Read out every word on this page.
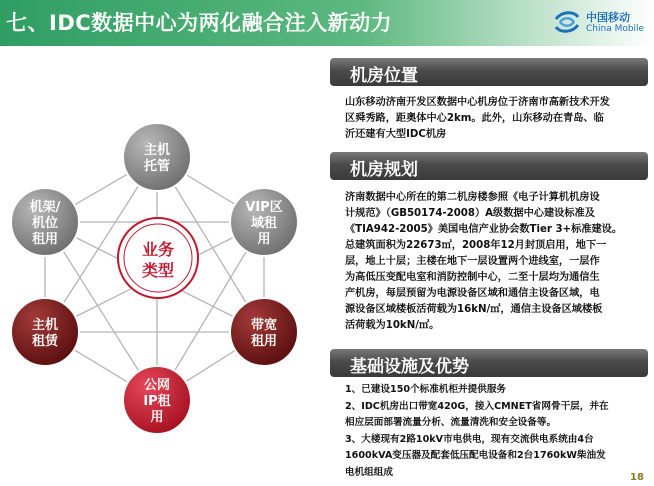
七、IDC数据中心为两化融合注入新动力	中国移动
China Mobile
主机
托管
VIP区
域租
用
带宽
租用
公网
IP租
用
主机
租赁
机架/
机位
租用
业务
类型
机房位置
山东移动济南开发区数据中心机房位于济南市高新技术开发
区舜秀路，距奥体中心2km。此外，山东移动在青岛、临
沂还建有大型IDC机房
机房规划
济南数据中心所在的第二机房楼参照《电子计算机机房设
计规范》（GB50174-2008）A级数据中心建设标准及
《TIA942-2005》美国电信产业协会数Tier 3+标准建设。
总建筑面积为22673㎡，2008年12月封顶启用，地下一
层，地上十层；主楼在地下一层设置两个进线室，一层作
为高低压变配电室和消防控制中心，二至十层均为通信生
产机房，每层预留为电源设备区域和通信主设备区域，电
源设备区域楼板活荷载为16kN/㎡，通信主设备区域楼板
活荷载为10kN/㎡。
基础设施及优势
1、已建设150个标准机柜并提供服务
2、IDC机房出口带宽420G，接入CMNET省网骨干层，并在
相应层面部署流量分析、流量清洗和安全设备等。
3、大楼现有2路10kV市电供电，现有交流供电系统由4台
1600kVA变压器及配套低压配电设备和2台1760kW柴油发
电机组组成	18
